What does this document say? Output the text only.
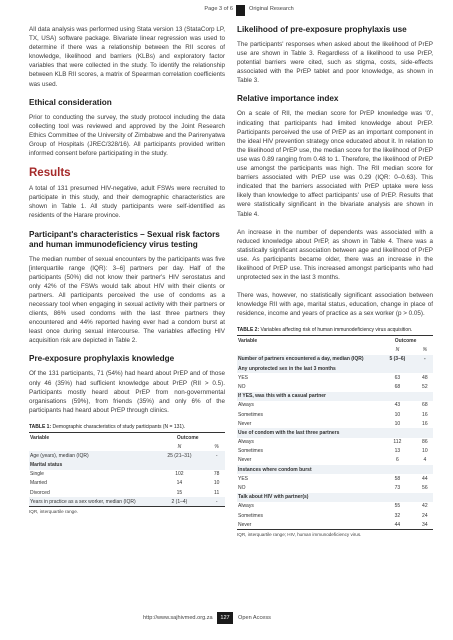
Page 3 of 6	Original Research

All data analysis was performed using Stata version 13 (StataCorp LP, TX, USA) software package. Bivariate linear regression was used to determine if there was a relationship between the RII scores of knowledge, likelihood and barriers (KLBs) and exploratory factor variables that were collected in the study. To identify the relationship between KLB RII scores, a matrix of Spearman correlation coefficients was used.

Ethical consideration

Prior to conducting the survey, the study protocol including the data collecting tool was reviewed and approved by the Joint Research Ethics Committee of the University of Zimbabwe and the Parirenyatwa Group of Hospitals (JREC/328/16). All participants provided written informed consent before participating in the study.

Results

A total of 131 presumed HIV-negative, adult FSWs were recruited to participate in this study, and their demographic characteristics are shown in Table 1. All study participants were self-identified as residents of the Harare province.

Participant's characteristics – Sexual risk factors and human immunodeficiency virus testing

The median number of sexual encounters by the participants was five [interquartile range (IQR): 3–6] partners per day. Half of the participants (50%) did not know their partner's HIV serostatus and only 42% of the FSWs would talk about HIV with their clients or partners. All participants perceived the use of condoms as a necessary tool when engaging in sexual activity with their partners or clients, 86% used condoms with the last three partners they encountered and 44% reported having ever had a condom burst at least once during sexual intercourse. The variables affecting HIV acquisition risk are depicted in Table 2.

Pre-exposure prophylaxis knowledge

Of the 131 participants, 71 (54%) had heard about PrEP and of those only 46 (35%) had sufficient knowledge about PrEP (RII > 0.5). Participants mostly heard about PrEP from non-governmental organisations (59%), from friends (35%) and only 6% of the participants had heard about PrEP through clinics.

TABLE 1: Demographic characteristics of study participants (N = 131).
Variable	Outcome	
	N	%
Age (years), median (IQR)	25 (21–31)	-
Marital status		
Single	102	78
Married	14	10
Divorced	15	11
Years in practice as a sex worker, median (IQR)	2 (1–4)	-
IQR, interquartile range.
Likelihood of pre-exposure prophylaxis use

The participants' responses when asked about the likelihood of PrEP use are shown in Table 3. Regardless of a likelihood to use PrEP, potential barriers were cited, such as stigma, costs, side-effects associated with the PrEP tablet and poor knowledge, as shown in Table 3.

Relative importance index

On a scale of RII, the median score for PrEP knowledge was '0', indicating that participants had limited knowledge about PrEP. Participants perceived the use of PrEP as an important component in the ideal HIV prevention strategy once educated about it. In relation to the likelihood of PrEP use, the median score for the likelihood of PrEP use was 0.89 ranging from 0.48 to 1. Therefore, the likelihood of PrEP use amongst the participants was high. The RII median score for barriers associated with PrEP use was 0.29 (IQR: 0–0.63). This indicated that the barriers associated with PrEP uptake were less likely than knowledge to affect participants' use of PrEP. Results that were statistically significant in the bivariate analysis are shown in Table 4.

An increase in the number of dependents was associated with a reduced knowledge about PrEP, as shown in Table 4. There was a statistically significant association between age and likelihood of PrEP use. As participants became older, there was an increase in the likelihood of PrEP use. This increased amongst participants who had unprotected sex in the last 3 months.

There was, however, no statistically significant association between knowledge RII with age, marital status, education, change in place of residence, income and years of practice as a sex worker (p > 0.05).

TABLE 2: Variables affecting risk of human immunodeficiency virus acquisition.
Variable	Outcome	
	N	%
Number of partners encountered a day, median (IQR)	5 (3–6)	-
Any unprotected sex in the last 3 months		
YES	63	48
NO	68	52
If YES, was this with a casual partner		
Always	43	68
Sometimes	10	16
Never	10	16
Use of condom with the last three partners		
Always	112	86
Sometimes	13	10
Never	6	4
Instances where condom burst		
YES	58	44
NO	73	56
Talk about HIV with partner(s)		
Always	55	42
Sometimes	32	24
Never	44	34
IQR, interquartile range; HIV, human immunodeficiency virus.
http://www.sajhivmed.org.za	127	Open Access
